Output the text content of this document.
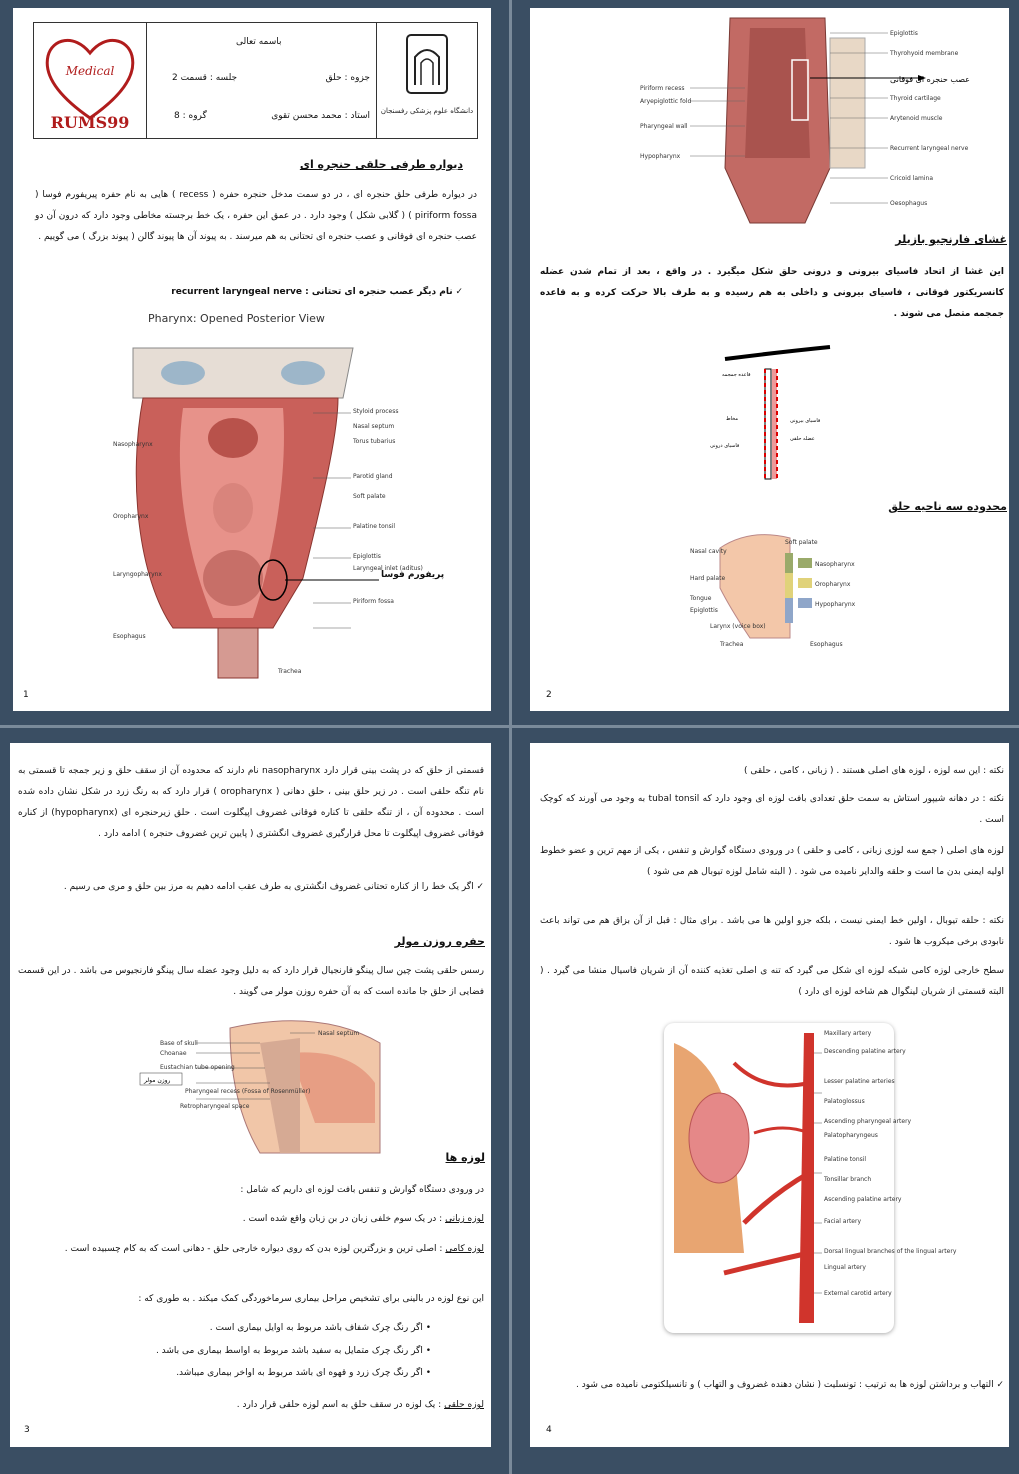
Medical
RUMS99
باسمه تعالی
جزوه : حلق
جلسه : قسمت 2
استاد : محمد محسن تقوی
گروه : 8	دانشگاه علوم پزشکی رفسنجان
دیواره طرفی حلقی حنجره ای
در دیواره طرفی حلق حنجره ای ، در دو سمت مدخل حنجره حفره ( recess ) هایی به نام حفره پیریفورم فوسا ( piriform fossa ) ( گلابی شکل ) وجود دارد . در عمق این حفره ، یک خط برجسته مخاطی وجود دارد که درون آن دو عصب حنجره ای فوقانی و عصب حنجره ای تحتانی به هم میرسند . به پیوند آن ها پیوند گالن ( پیوند بزرگ ) می گوییم .
✓ نام دیگر عصب حنجره ای تحتانی : recurrent laryngeal nerve
Pharynx: Opened Posterior View
Styloid process
Nasal septum
Torus tubarius
Parotid gland
Soft palate
Palatine tonsil
Epiglottis
Laryngeal inlet (aditus)
Piriform fossa
Trachea
Nasopharynx
Oropharynx
Laryngopharynx
Esophagus
پریفورم فوسا
1
Epiglottis
Thyrohyoid membrane
عصب حنجره ای فوقانی
Thyroid cartilage
Arytenoid muscle
Recurrent laryngeal nerve
Cricoid lamina
Oesophagus
Piriform recess
Aryepiglottic fold
Pharyngeal wall
Hypopharynx
غشای فارنجیو بازیلر
این غشا از اتحاد فاسیای بیرونی و درونی حلق شکل میگیرد . در واقع ، بعد از تمام شدن عضله کانسریکتور فوقانی ، فاسیای بیرونی و داخلی به هم رسیده و به طرف بالا حرکت کرده و به قاعده جمجمه متصل می شوند .
قاعده جمجمه
مخاط	فاسیای بیرونی
عضله حلقی
فاسیای درونی
محدوده سه ناحیه حلق
Nasopharynx
Oropharynx
Hypopharynx
Soft palate
Nasal cavity
Hard palate
Tongue
Epiglottis
Larynx (voice box)
Trachea	Esophagus
2
قسمتی از حلق که در پشت بینی قرار دارد nasopharynx نام دارند که محدوده آن از سقف حلق و زیر جمجه تا قسمتی به نام تنگه حلقی است . در زیر حلق بینی ، حلق دهانی ( oropharynx ) قرار دارد که به رنگ زرد در شکل نشان داده شده است . محدوده آن ، از تنگه حلقی تا کناره فوقانی غضروف اپیگلوت است . حلق زیرحنجره ای (hypopharynx) از کناره فوقانی غضروف اپیگلوت تا محل قرارگیری غضروف انگشتری ( پایین ترین غضروف حنجره ) ادامه دارد .
✓ اگر یک خط را از کناره تحتانی غضروف انگشتری به طرف عقب ادامه دهیم به مرز بین حلق و مری می رسیم .
حفره روزن مولر
رسس حلقی پشت چین سال پینگو فارنجیال قرار دارد که به دلیل وجود عضله سال پینگو فارنجیوس می باشد . در این قسمت فضایی از حلق جا مانده است که به آن حفره روزن مولر می گویند .
روزن مولر
Base of skull
Choanae
Eustachian tube opening
Pharyngeal recess (Fossa of Rosenmüller)
Retropharyngeal space
Nasal septum
لوزه ها
در ورودی دستگاه گوارش و تنفس بافت لوزه ای داریم که شامل :
لوزه زبانی : در یک سوم خلفی زبان در بن زبان واقع شده است .
لوزه کامی : اصلی ترین و بزرگترین لوزه بدن که روی دیواره خارجی حلق - دهانی است که به کام چسبیده است .
این نوع لوزه در بالینی برای تشخیص مراحل بیماری سرماخوردگی کمک میکند . به طوری که :
• اگر رنگ چرک شفاف باشد مربوط به اوایل بیماری است .
• اگر رنگ چرک متمایل به سفید باشد مربوط به اواسط بیماری می باشد .
• اگر رنگ چرک زرد و قهوه ای باشد مربوط به اواخر بیماری میباشد.
لوزه حلقی : یک لوزه در سقف حلق به اسم لوزه حلقی قرار دارد .
3
نکته : این سه لوزه ، لوزه های اصلی هستند . ( زبانی ، کامی ، حلقی )
نکته : در دهانه شیپور استاش به سمت حلق تعدادی بافت لوزه ای وجود دارد که tubal tonsil به وجود می آورند که کوچک است .
لوزه های اصلی ( جمع سه لوزی زبانی ، کامی و حلقی ) در ورودی دستگاه گوارش و تنفس ، یکی از مهم ترین و عضو خطوط اولیه ایمنی بدن ما است و حلقه والدایر نامیده می شود . ( البته شامل لوزه تیوبال هم می شود )
نکته : حلقه تیوبال ، اولین خط ایمنی نیست ، بلکه جزو اولین ها می باشد . برای مثال : قبل از آن بزاق هم می تواند باعث نابودی برخی میکروب ها شود .
سطح خارجی لوزه کامی شبکه لوزه ای شکل می گیرد که تنه ی اصلی تغذیه کننده آن از شریان فاسیال منشا می گیرد . ( البته قسمتی از شریان لینگوال هم شاخه لوزه ای دارد )
Maxillary artery
Descending palatine artery
Lesser palatine arteries
Palatoglossus
Ascending pharyngeal artery
Palatopharyngeus
Palatine tonsil
Tonsillar branch
Ascending palatine artery
Facial artery
Dorsal lingual branches of the lingual artery
Lingual artery
External carotid artery
✓ التهاب و برداشتن لوزه ها به ترتیب : تونسلیت ( نشان دهنده غضروف و التهاب ) و تانسیلکتومی نامیده می شود .
4
